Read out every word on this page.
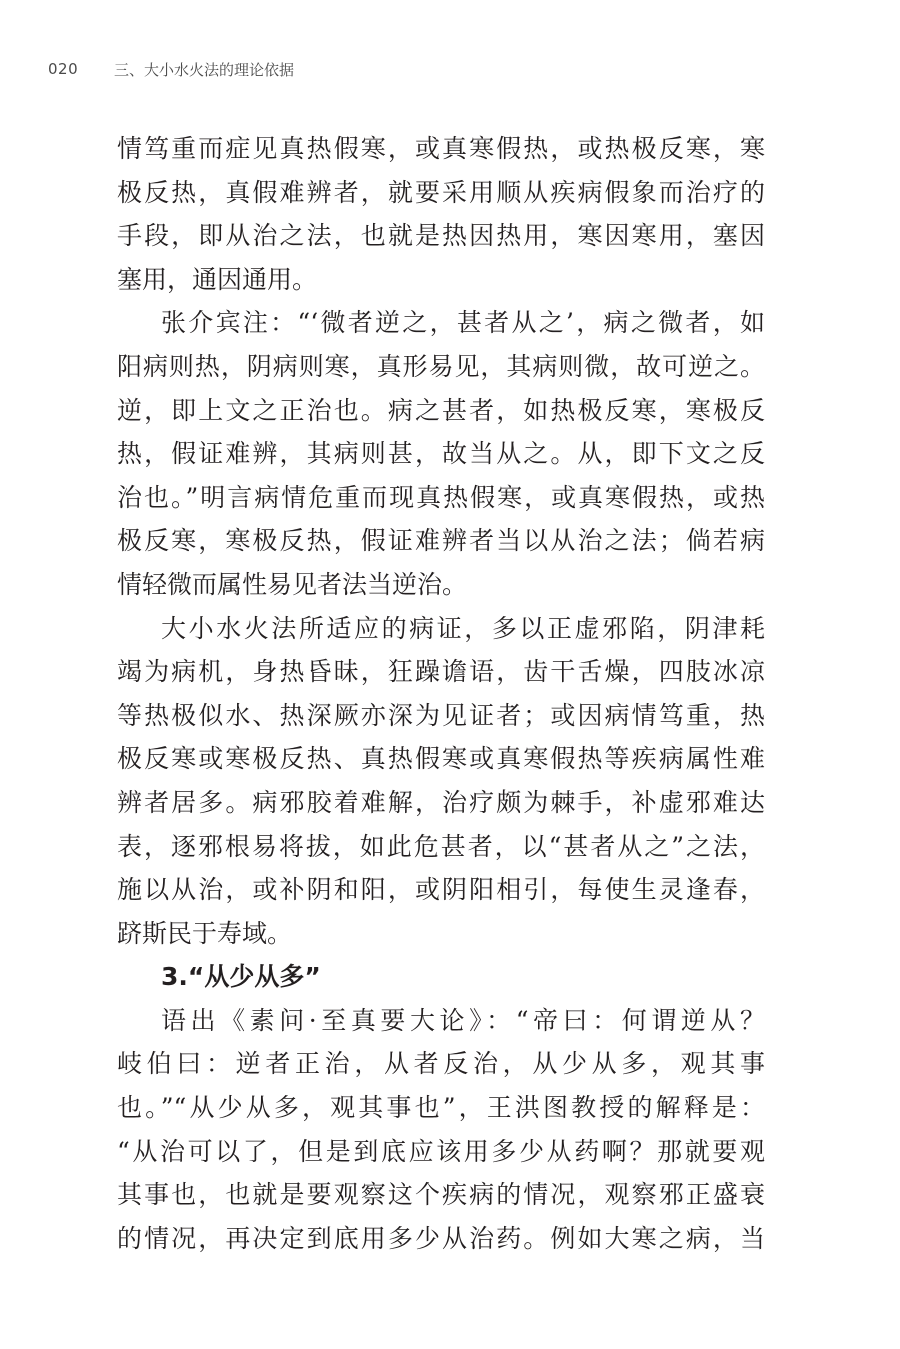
020	三、大小水火法的理论依据
情笃重而症见真热假寒，或真寒假热，或热极反寒，寒
极反热，真假难辨者，就要采用顺从疾病假象而治疗的
手段，即从治之法，也就是热因热用，寒因寒用，塞因
塞用，通因通用。
张介宾注：“‘微者逆之，甚者从之’，病之微者，如
阳病则热，阴病则寒，真形易见，其病则微，故可逆之。
逆，即上文之正治也。病之甚者，如热极反寒，寒极反
热，假证难辨，其病则甚，故当从之。从，即下文之反
治也。”明言病情危重而现真热假寒，或真寒假热，或热
极反寒，寒极反热，假证难辨者当以从治之法；倘若病
情轻微而属性易见者法当逆治。
大小水火法所适应的病证，多以正虚邪陷，阴津耗
竭为病机，身热昏昧，狂躁谵语，齿干舌燥，四肢冰凉
等热极似水、热深厥亦深为见证者；或因病情笃重，热
极反寒或寒极反热、真热假寒或真寒假热等疾病属性难
辨者居多。病邪胶着难解，治疗颇为棘手，补虚邪难达
表，逐邪根易将拔，如此危甚者，以“甚者从之”之法，
施以从治，或补阴和阳，或阴阳相引，每使生灵逢春，
跻斯民于寿域。
3.“从少从多”
语出《素问·至真要大论》：“帝曰：何谓逆从？
岐伯曰：逆者正治，从者反治，从少从多，观其事
也。”“从少从多，观其事也”，王洪图教授的解释是：
“从治可以了，但是到底应该用多少从药啊？那就要观
其事也，也就是要观察这个疾病的情况，观察邪正盛衰
的情况，再决定到底用多少从治药。例如大寒之病，当
